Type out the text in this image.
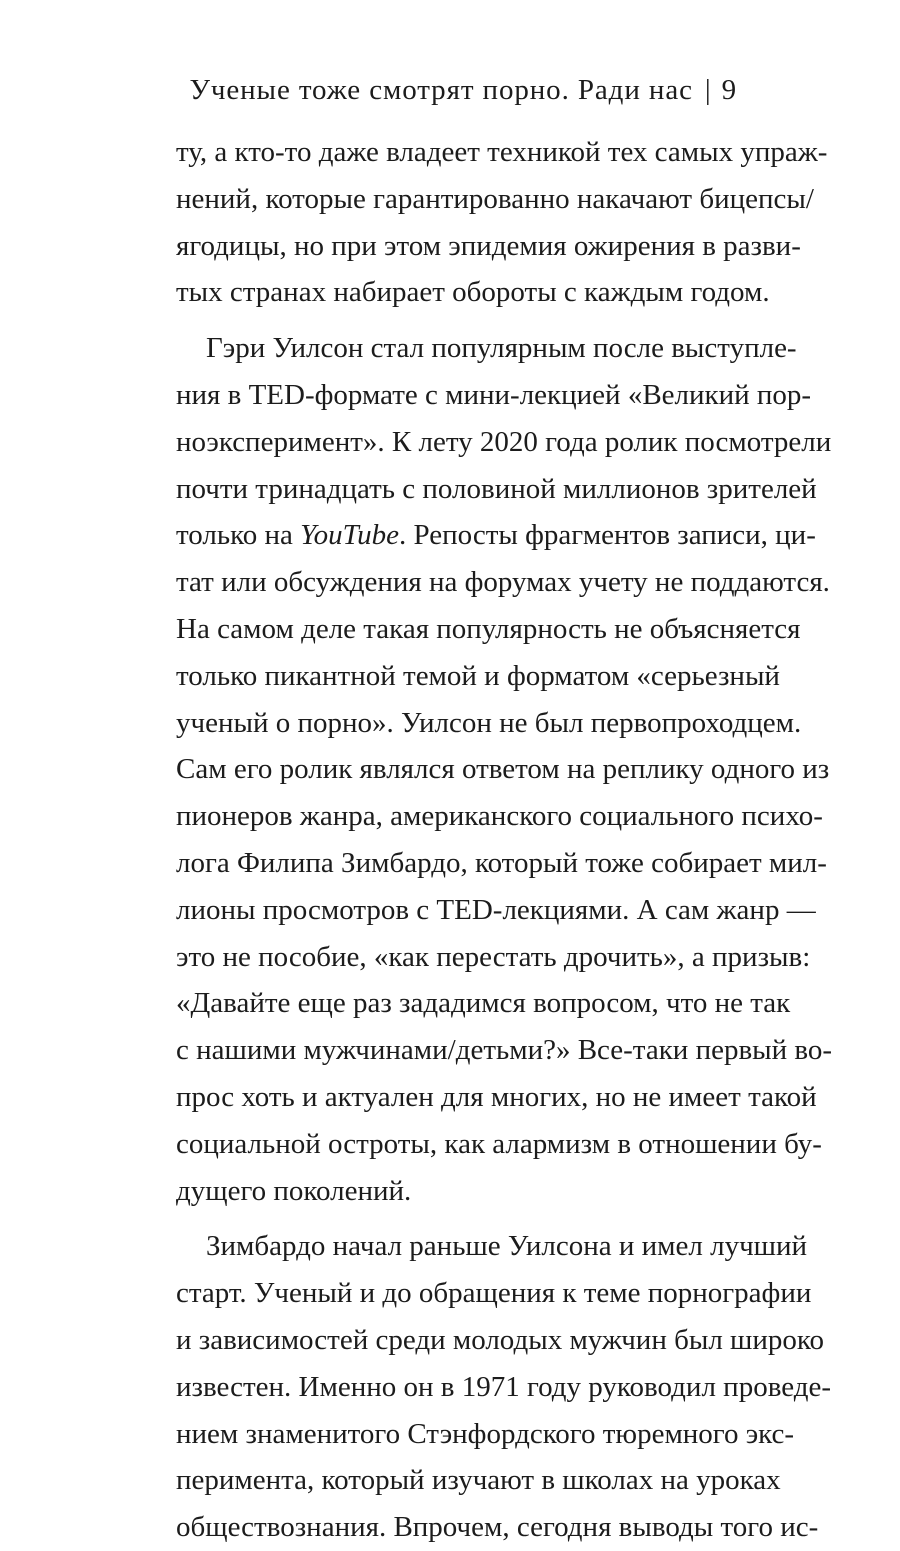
Ученые тоже смотрят порно. Ради нас | 9
ту, а кто-то даже владеет техникой тех самых упраж-
нений, которые гарантированно накачают бицепсы/
ягодицы, но при этом эпидемия ожирения в разви-
тых странах набирает обороты с каждым годом.
Гэри Уилсон стал популярным после выступле-
ния в TED-формате с мини-лекцией «Великий пор-
ноэксперимент». К лету 2020 года ролик посмотрели
почти тринадцать с половиной миллионов зрителей
только на YouTube. Репосты фрагментов записи, ци-
тат или обсуждения на форумах учету не поддаются.
На самом деле такая популярность не объясняется
только пикантной темой и форматом «серьезный
ученый о порно». Уилсон не был первопроходцем.
Сам его ролик являлся ответом на реплику одного из
пионеров жанра, американского социального психо-
лога Филипа Зимбардо, который тоже собирает мил-
лионы просмотров с TED-лекциями. А сам жанр —
это не пособие, «как перестать дрочить», а призыв:
«Давайте еще раз зададимся вопросом, что не так
с нашими мужчинами/детьми?» Все-таки первый во-
прос хоть и актуален для многих, но не имеет такой
социальной остроты, как алармизм в отношении бу-
дущего поколений.
Зимбардо начал раньше Уилсона и имел лучший
старт. Ученый и до обращения к теме порнографии
и зависимостей среди молодых мужчин был широко
известен. Именно он в 1971 году руководил проведе-
нием знаменитого Стэнфордского тюремного экс-
перимента, который изучают в школах на уроках
обществознания. Впрочем, сегодня выводы того ис-
